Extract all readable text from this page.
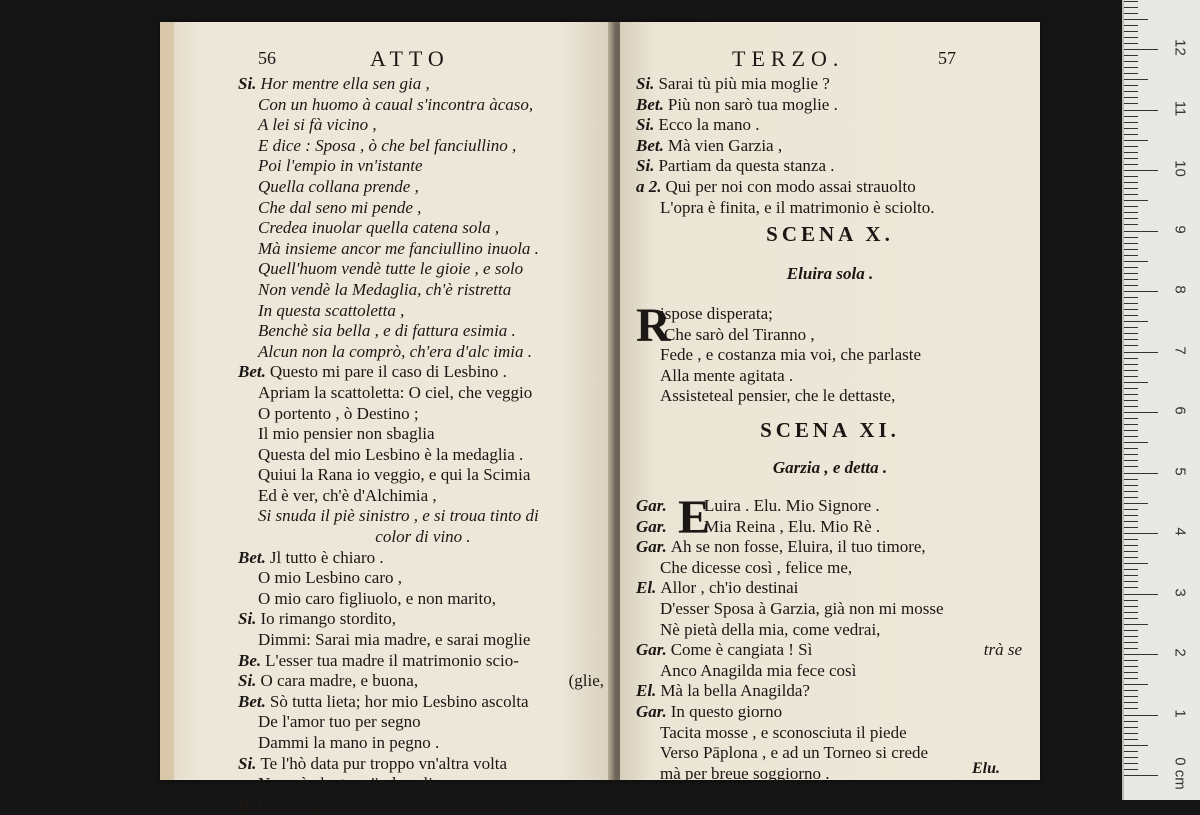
56	ATTO
Si. Hor mentre ella sen gia ,
Con un huomo à caual s'incontra àcaso,
A lei si fà vicino ,
E dice : Sposa , ò che bel fanciullino ,
Poi l'empio in vn'istante
Quella collana prende ,
Che dal seno mi pende ,
Credea inuolar quella catena sola ,
Mà insieme ancor me fanciullino inuola .
Quell'huom vendè tutte le gioie , e solo
Non vendè la Medaglia, ch'è ristretta
In questa scattoletta ,
Benchè sia bella , e di fattura esimia .
Alcun non la comprò, ch'era d'alc imia .
Bet. Questo mi pare il caso di Lesbino .
Apriam la scattoletta: O ciel, che veggio
O portento , ò Destino ;
Il mio pensier non sbaglia
Questa del mio Lesbino è la medaglia .
Quiui la Rana io veggio, e qui la Scimia
Ed è ver, ch'è d'Alchimia ,
Si snuda il piè sinistro , e si troua tinto di
color di vino .
Bet. Jl tutto è chiaro .
O mio Lesbino caro ,
O mio caro figliuolo, e non marito,
Si. Io rimango stordito,
Dimmi: Sarai mia madre, e sarai moglie
Be. L'esser tua madre il matrimonio scio-
Si. O cara madre, e buona,	(glie,
Bet. Sò tutta lieta; hor mio Lesbino ascolta
De l'amor tuo per segno
Dammi la mano in pegno .
Si. Te l'hò data pur troppo vn'altra volta
Non vò che tu m'imbroglie .
Bet. imbrogliar non ti posso, e vn timor va-
TERZO.	57
Si. Sarai tù più mia moglie ?
Bet. Più non sarò tua moglie .
Si. Ecco la mano .
Bet. Mà vien Garzia ,
Si. Partiam da questa stanza .
a 2. Qui per noi con modo assai strauolto
L'opra è finita, e il matrimonio è sciolto.
SCENA X.
Eluira sola .
R
ispose disperata;
Che sarò del Tiranno ,
Fede , e costanza mia voi, che parlaste
Alla mente agitata .
Assisteteal pensier, che le dettaste,
SCENA XI.
Garzia , e detta .
E
Gar. Luira . Elu. Mio Signore .
Gar. Mia Reina , Elu. Mio Rè .
Gar. Ah se non fosse, Eluira, il tuo timore,
Che dicesse così , felice me,
El. Allor , ch'io destinai
D'esser Sposa à Garzia, già non mi mosse
Nè pietà della mia, come vedrai,
Gar. Come è cangiata ! Sì	trà se
Anco Anagilda mia fece così
El. Mà la bella Anagilda?
Gar. In questo giorno
Tacita mosse , e sconosciuta il piede
Verso Pāplona , e ad un Torneo si crede
mà per breue soggiorno .	Elu.	0 cm
1
2
3
4
5
6
7
8
9
10
11
12
